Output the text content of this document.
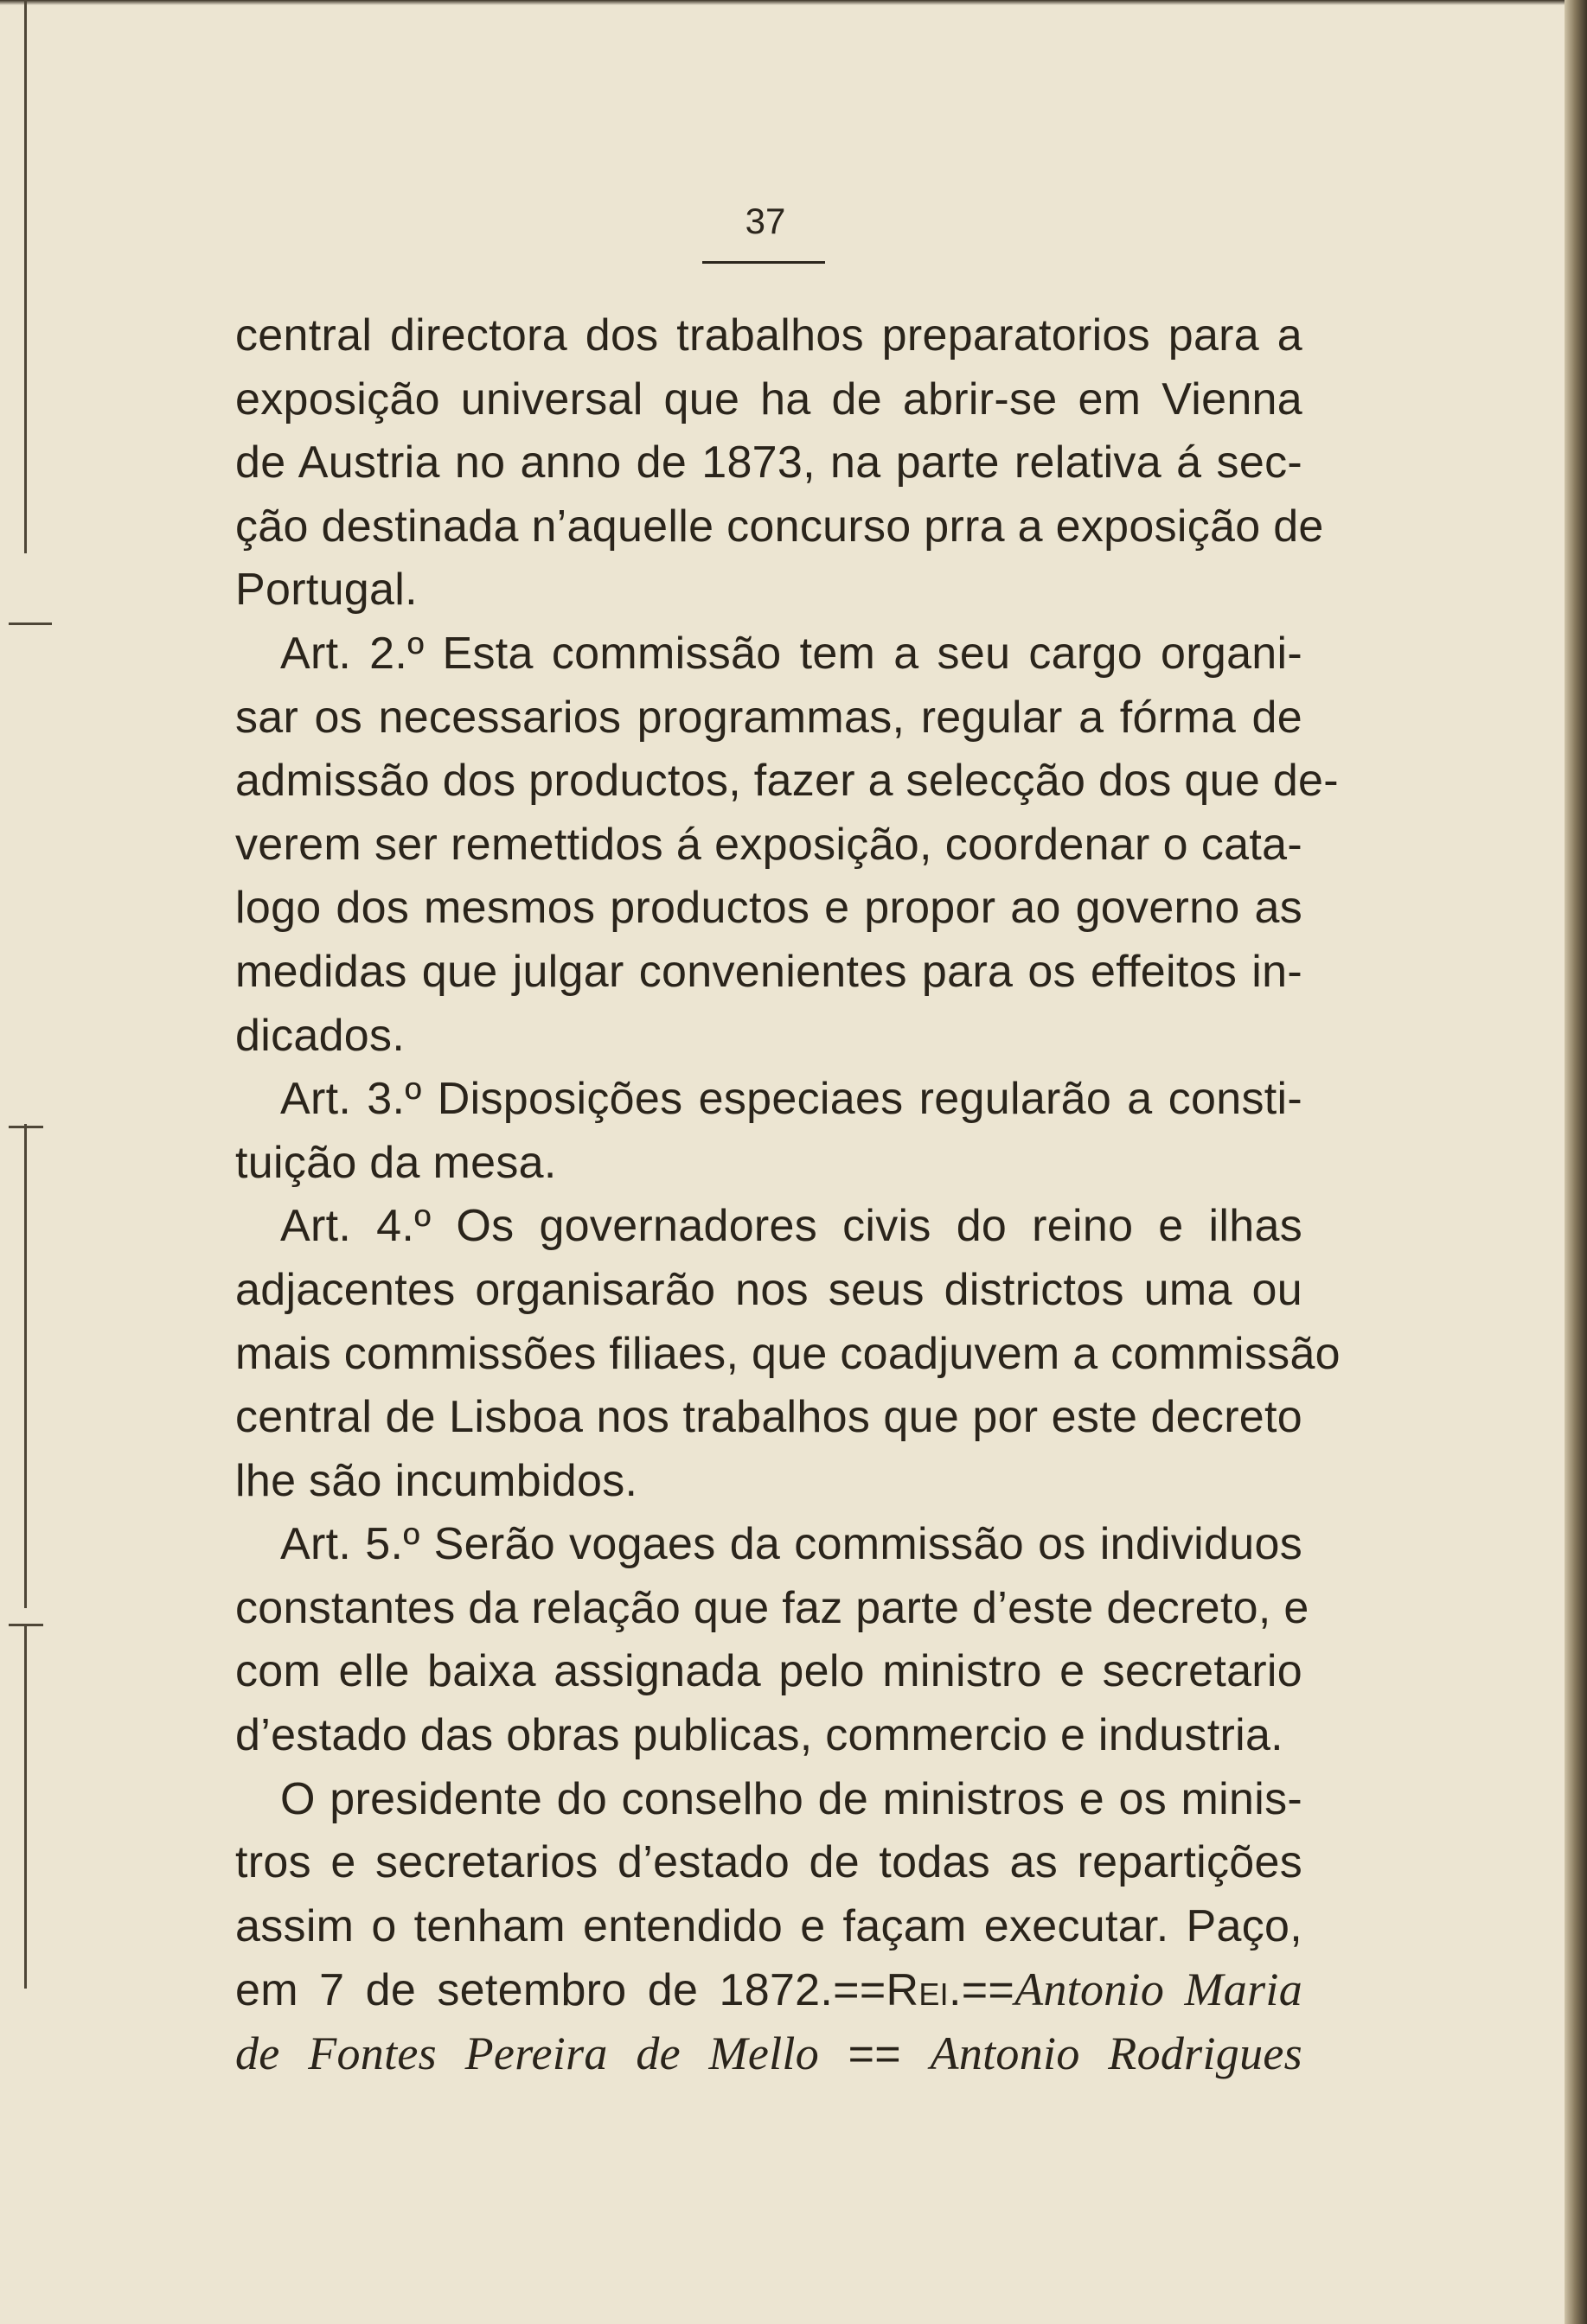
37
central directora dos trabalhos preparatorios para a
exposição universal que ha de abrir-se em Vienna
de Austria no anno de 1873, na parte relativa á sec-
ção destinada n’aquelle concurso prra a exposição de
Portugal.
Art. 2.º Esta commissão tem a seu cargo organi-
sar os necessarios programmas, regular a fórma de
admissão dos productos, fazer a selecção dos que de-
verem ser remettidos á exposição, coordenar o cata-
logo dos mesmos productos e propor ao governo as
medidas que julgar convenientes para os effeitos in-
dicados.
Art. 3.º Disposições especiaes regularão a consti-
tuição da mesa.
Art. 4.º Os governadores civis do reino e ilhas
adjacentes organisarão nos seus districtos uma ou
mais commissões filiaes, que coadjuvem a commissão
central de Lisboa nos trabalhos que por este decreto
lhe são incumbidos.
Art. 5.º Serão vogaes da commissão os individuos
constantes da relação que faz parte d’este decreto, e
com elle baixa assignada pelo ministro e secretario
d’estado das obras publicas, commercio e industria.
O presidente do conselho de ministros e os minis-
tros e secretarios d’estado de todas as repartições
assim o tenham entendido e façam executar. Paço,
em 7 de setembro de 1872.==Rei.==Antonio Maria
de Fontes Pereira de Mello == Antonio Rodrigues
